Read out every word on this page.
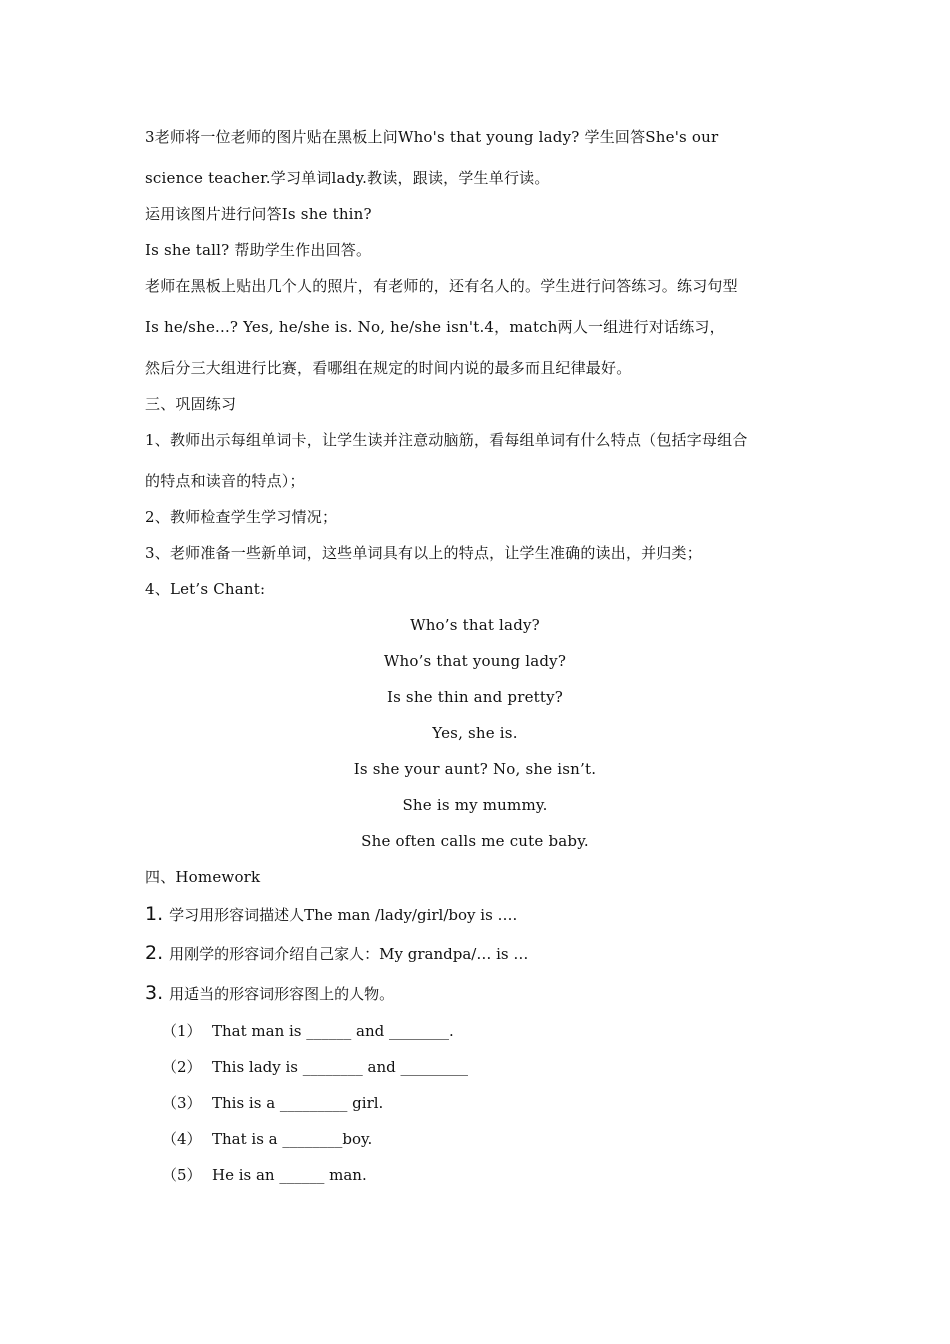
3老师将一位老师的图片贴在黑板上问Who's that young lady? 学生回答She's our
science teacher.学习单词lady.教读，跟读，学生单行读。
运用该图片进行问答Is she thin?
Is she tall? 帮助学生作出回答。
老师在黑板上贴出几个人的照片，有老师的，还有名人的。学生进行问答练习。练习句型
Is he/she...? Yes, he/she is. No, he/she isn't.4，match两人一组进行对话练习，
然后分三大组进行比赛，看哪组在规定的时间内说的最多而且纪律最好。
三、巩固练习
1、教师出示每组单词卡，让学生读并注意动脑筋，看每组单词有什么特点（包括字母组合
的特点和读音的特点）；
2、教师检查学生学习情况；
3、老师准备一些新单词，这些单词具有以上的特点，让学生准确的读出，并归类；
4、Let’s Chant:
Who’s that lady?
Who’s that young lady?
Is she thin and pretty?
Yes, she is.
Is she your aunt? No, she isn’t.
She is my mummy.
She often calls me cute baby.
四、Homework
1. 学习用形容词描述人The man /lady/girl/boy is ….
2. 用刚学的形容词介绍自己家人：My grandpa/… is …
3. 用适当的形容词形容图上的人物。
（1） That man is ______ and ________.
（2） This lady is ________ and _________
（3） This is a _________ girl.
（4） That is a ________boy.
（5） He is an ______ man.
